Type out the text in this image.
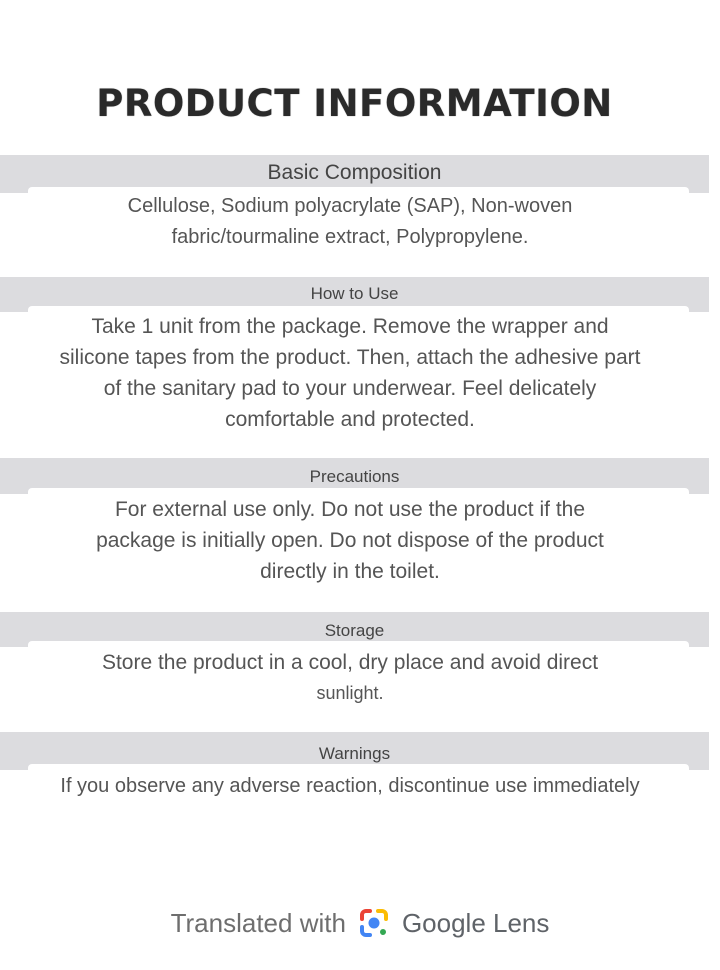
PRODUCT INFORMATION
Basic Composition
Cellulose, Sodium polyacrylate (SAP), Non-woven
fabric/tourmaline extract, Polypropylene.
How to Use
Take 1 unit from the package. Remove the wrapper and
silicone tapes from the product. Then, attach the adhesive part
of the sanitary pad to your underwear. Feel delicately
comfortable and protected.
Precautions
For external use only. Do not use the product if the
package is initially open. Do not dispose of the product
directly in the toilet.
Storage
Store the product in a cool, dry place and avoid direct
sunlight.
Warnings
If you observe any adverse reaction, discontinue use immediately
Translated with Google Lens
